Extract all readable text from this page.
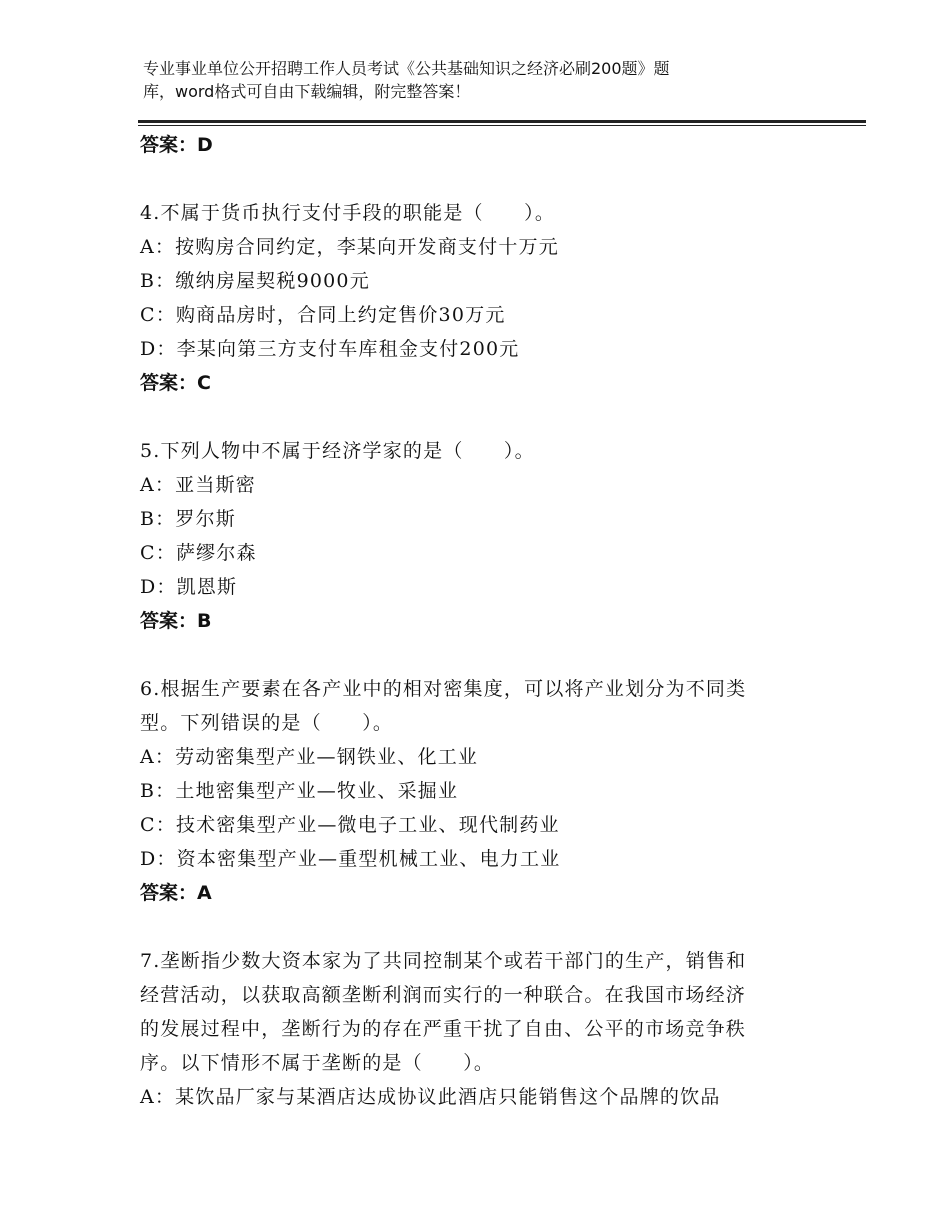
专业事业单位公开招聘工作人员考试《公共基础知识之经济必刷200题》题
库，word格式可自由下载编辑，附完整答案！
答案：D
4.不属于货币执行支付手段的职能是（　　）。
A：按购房合同约定，李某向开发商支付十万元
B：缴纳房屋契税9000元
C：购商品房时，合同上约定售价30万元
D：李某向第三方支付车库租金支付200元
答案：C
5.下列人物中不属于经济学家的是（　　）。
A：亚当斯密
B：罗尔斯
C：萨缪尔森
D：凯恩斯
答案：B
6.根据生产要素在各产业中的相对密集度，可以将产业划分为不同类
型。下列错误的是（　　）。
A：劳动密集型产业—钢铁业、化工业
B：土地密集型产业—牧业、采掘业
C：技术密集型产业—微电子工业、现代制药业
D：资本密集型产业—重型机械工业、电力工业
答案：A
7.垄断指少数大资本家为了共同控制某个或若干部门的生产，销售和
经营活动，以获取高额垄断利润而实行的一种联合。在我国市场经济
的发展过程中，垄断行为的存在严重干扰了自由、公平的市场竞争秩
序。以下情形不属于垄断的是（　　）。
A：某饮品厂家与某酒店达成协议此酒店只能销售这个品牌的饮品
